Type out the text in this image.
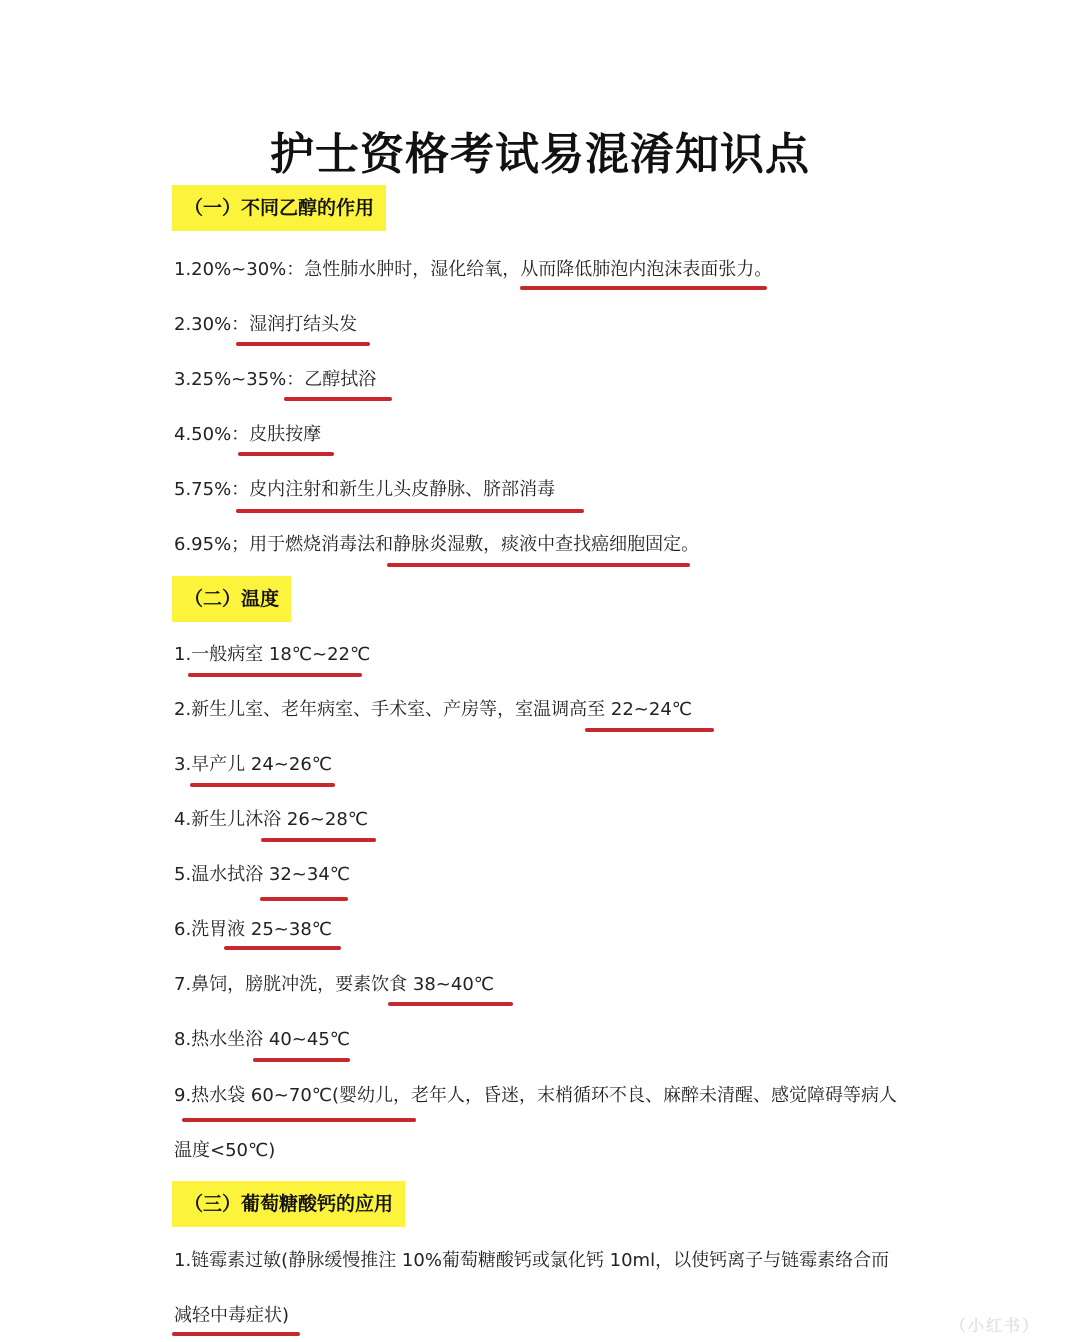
护士资格考试易混淆知识点
（一）不同乙醇的作用
1.20%~30%：急性肺水肿时，湿化给氧，从而降低肺泡内泡沫表面张力。
2.30%：湿润打结头发
3.25%~35%：乙醇拭浴
4.50%：皮肤按摩
5.75%：皮内注射和新生儿头皮静脉、脐部消毒
6.95%；用于燃烧消毒法和静脉炎湿敷，痰液中查找癌细胞固定。
（二）温度
1.一般病室 18℃~22℃
2.新生儿室、老年病室、手术室、产房等，室温调高至 22~24℃
3.早产儿 24~26℃
4.新生儿沐浴 26~28℃
5.温水拭浴 32~34℃
6.洗胃液 25~38℃
7.鼻饲，膀胱冲洗，要素饮食 38~40℃
8.热水坐浴 40~45℃
9.热水袋 60~70℃(婴幼儿，老年人，昏迷，末梢循环不良、麻醉未清醒、感觉障碍等病人
温度<50℃)
（三）葡萄糖酸钙的应用
1.链霉素过敏(静脉缓慢推注 10%葡萄糖酸钙或氯化钙 10ml，以使钙离子与链霉素络合而
减轻中毒症状)	（小红书）
